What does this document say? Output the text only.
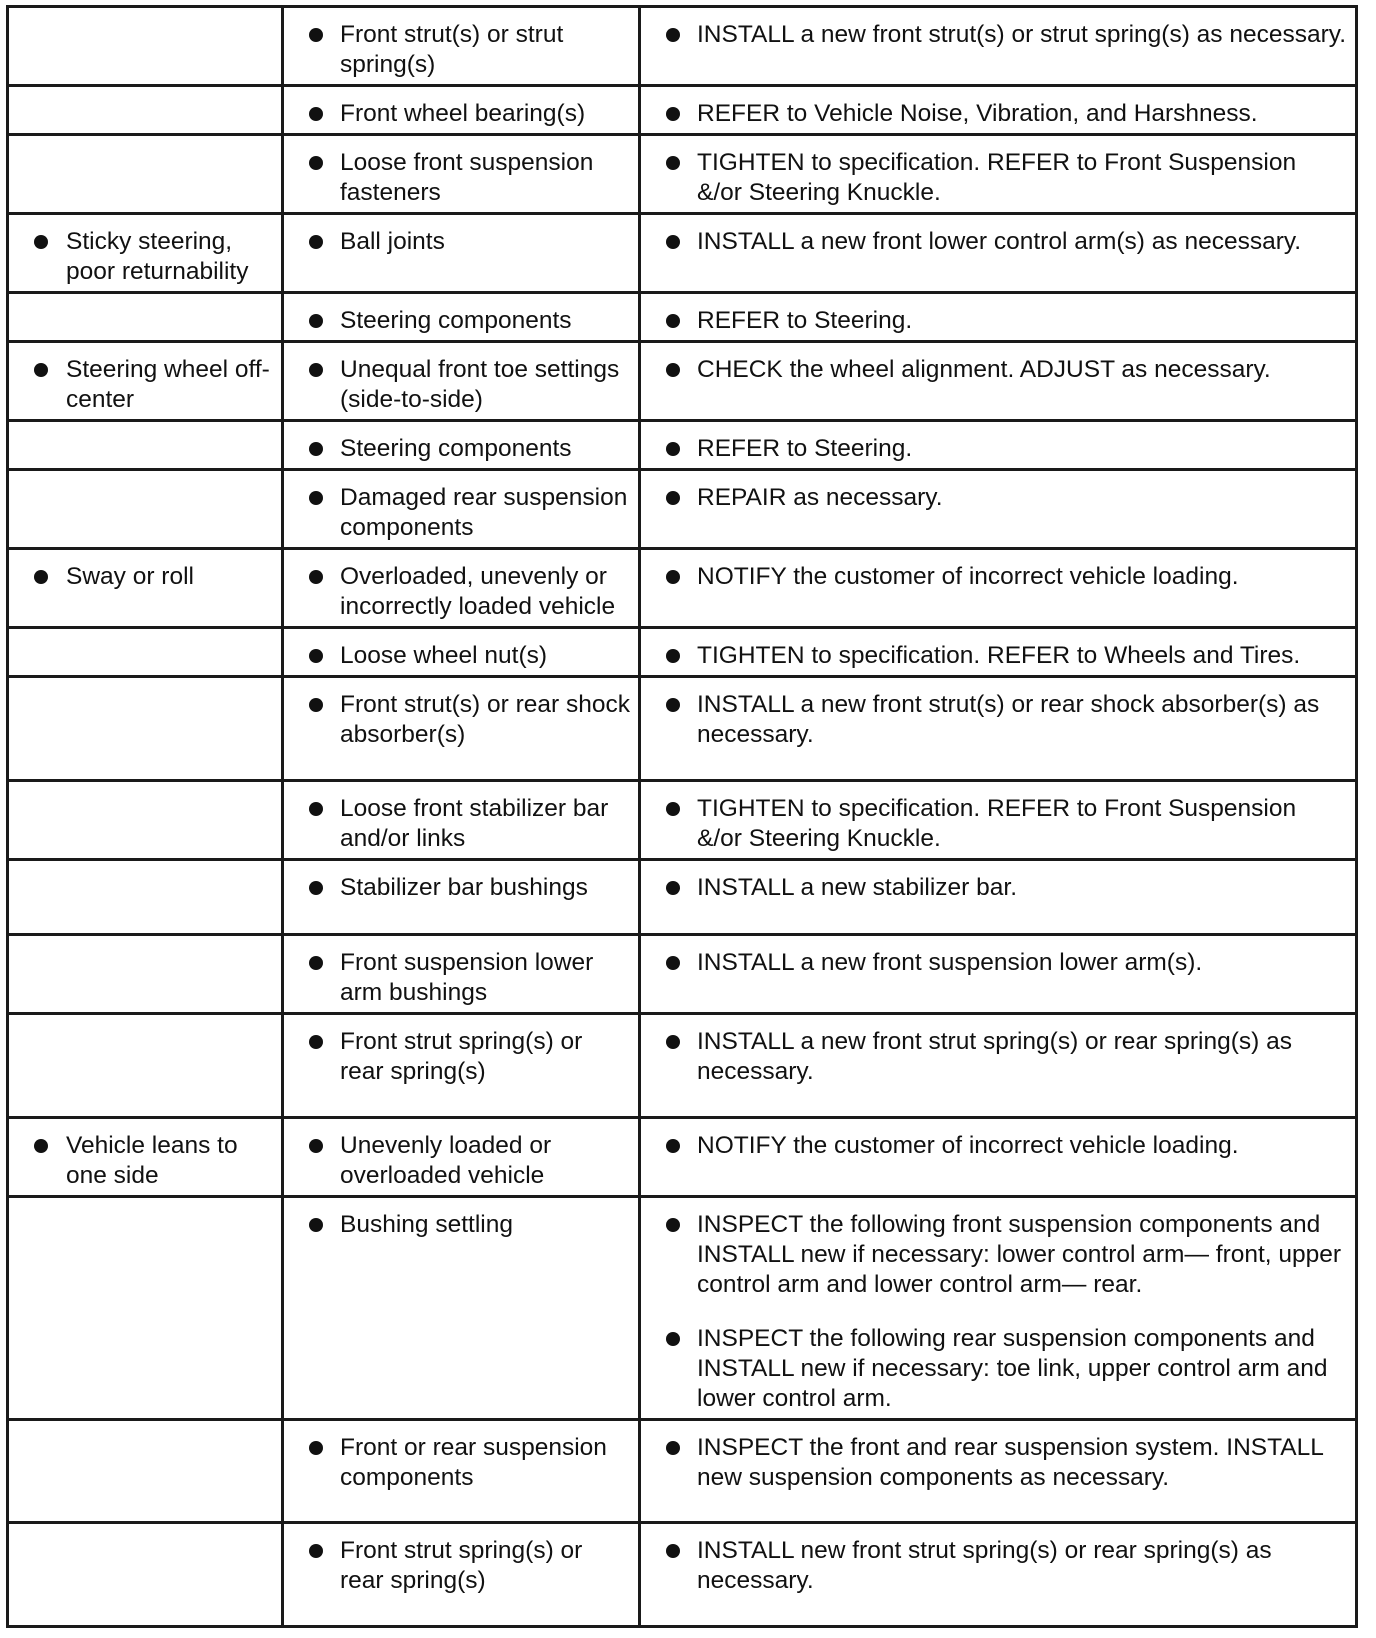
	Front strut(s) or strut spring(s)	INSTALL a new front strut(s) or strut spring(s) as necessary.

	Front wheel bearing(s)	REFER to Vehicle Noise, Vibration, and Harshness.

	Loose front suspension fasteners	TIGHTEN to specification. REFER to Front Suspension &/or Steering Knuckle.

Sticky steering, poor returnability	Ball joints	INSTALL a new front lower control arm(s) as necessary.

	Steering components	REFER to Steering.

Steering wheel off-center	Unequal front toe settings (side-to-side)	CHECK the wheel alignment. ADJUST as necessary.

	Steering components	REFER to Steering.

	Damaged rear suspension components	REPAIR as necessary.

Sway or roll	Overloaded, unevenly or incorrectly loaded vehicle	NOTIFY the customer of incorrect vehicle loading.

	Loose wheel nut(s)	TIGHTEN to specification. REFER to Wheels and Tires.

	Front strut(s) or rear shock absorber(s)	INSTALL a new front strut(s) or rear shock absorber(s) as necessary.

	Loose front stabilizer bar and/or links	TIGHTEN to specification. REFER to Front Suspension &/or Steering Knuckle.

	Stabilizer bar bushings	INSTALL a new stabilizer bar.

	Front suspension lower arm bushings	INSTALL a new front suspension lower arm(s).

	Front strut spring(s) or rear spring(s)	INSTALL a new front strut spring(s) or rear spring(s) as necessary.

Vehicle leans to one side	Unevenly loaded or overloaded vehicle	NOTIFY the customer of incorrect vehicle loading.

	Bushing settling	INSPECT the following front suspension components and INSTALL new if necessary: lower control arm— front, upper control arm and lower control arm— rear.
INSPECT the following rear suspension components and INSTALL new if necessary: toe link, upper control arm and lower control arm.

	Front or rear suspension components	INSPECT the front and rear suspension system. INSTALL new suspension components as necessary.

	Front strut spring(s) or rear spring(s)	INSTALL new front strut spring(s) or rear spring(s) as necessary.
